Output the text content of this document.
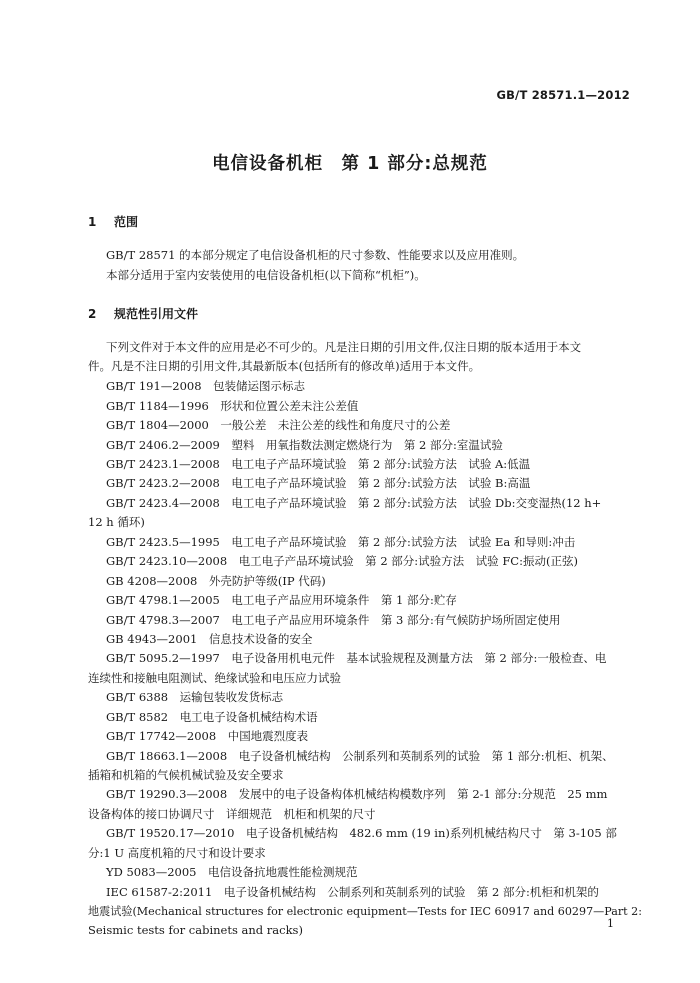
GB/T 28571.1—2012
电信设备机柜　第 1 部分:总规范
1 范围
GB/T 28571 的本部分规定了电信设备机柜的尺寸参数、性能要求以及应用准则。
本部分适用于室内安装使用的电信设备机柜(以下简称“机柜”)。
2 规范性引用文件
下列文件对于本文件的应用是必不可少的。凡是注日期的引用文件,仅注日期的版本适用于本文
件。凡是不注日期的引用文件,其最新版本(包括所有的修改单)适用于本文件。
GB/T 191—2008　包装储运图示标志
GB/T 1184—1996　形状和位置公差未注公差值
GB/T 1804—2000　一般公差　未注公差的线性和角度尺寸的公差
GB/T 2406.2—2009　塑料　用氧指数法测定燃烧行为　第 2 部分:室温试验
GB/T 2423.1—2008　电工电子产品环境试验　第 2 部分:试验方法　试验 A:低温
GB/T 2423.2—2008　电工电子产品环境试验　第 2 部分:试验方法　试验 B:高温
GB/T 2423.4—2008　电工电子产品环境试验　第 2 部分:试验方法　试验 Db:交变湿热(12 h+
12 h 循环)
GB/T 2423.5—1995　电工电子产品环境试验　第 2 部分:试验方法　试验 Ea 和导则:冲击
GB/T 2423.10—2008　电工电子产品环境试验　第 2 部分:试验方法　试验 FC:振动(正弦)
GB 4208—2008　外壳防护等级(IP 代码)
GB/T 4798.1—2005　电工电子产品应用环境条件　第 1 部分:贮存
GB/T 4798.3—2007　电工电子产品应用环境条件　第 3 部分:有气候防护场所固定使用
GB 4943—2001　信息技术设备的安全
GB/T 5095.2—1997　电子设备用机电元件　基本试验规程及测量方法　第 2 部分:一般检查、电
连续性和接触电阻测试、绝缘试验和电压应力试验
GB/T 6388　运输包装收发货标志
GB/T 8582　电工电子设备机械结构术语
GB/T 17742—2008　中国地震烈度表
GB/T 18663.1—2008　电子设备机械结构　公制系列和英制系列的试验　第 1 部分:机柜、机架、
插箱和机箱的气候机械试验及安全要求
GB/T 19290.3—2008　发展中的电子设备构体机械结构模数序列　第 2-1 部分:分规范　25 mm
设备构体的接口协调尺寸　详细规范　机柜和机架的尺寸
GB/T 19520.17—2010　电子设备机械结构　482.6 mm (19 in)系列机械结构尺寸　第 3-105 部
分:1 U 高度机箱的尺寸和设计要求
YD 5083—2005　电信设备抗地震性能检测规范
IEC 61587-2:2011　电子设备机械结构　公制系列和英制系列的试验　第 2 部分:机柜和机架的
地震试验(Mechanical structures for electronic equipment—Tests for IEC 60917 and 60297—Part 2:
Seismic tests for cabinets and racks)	1
